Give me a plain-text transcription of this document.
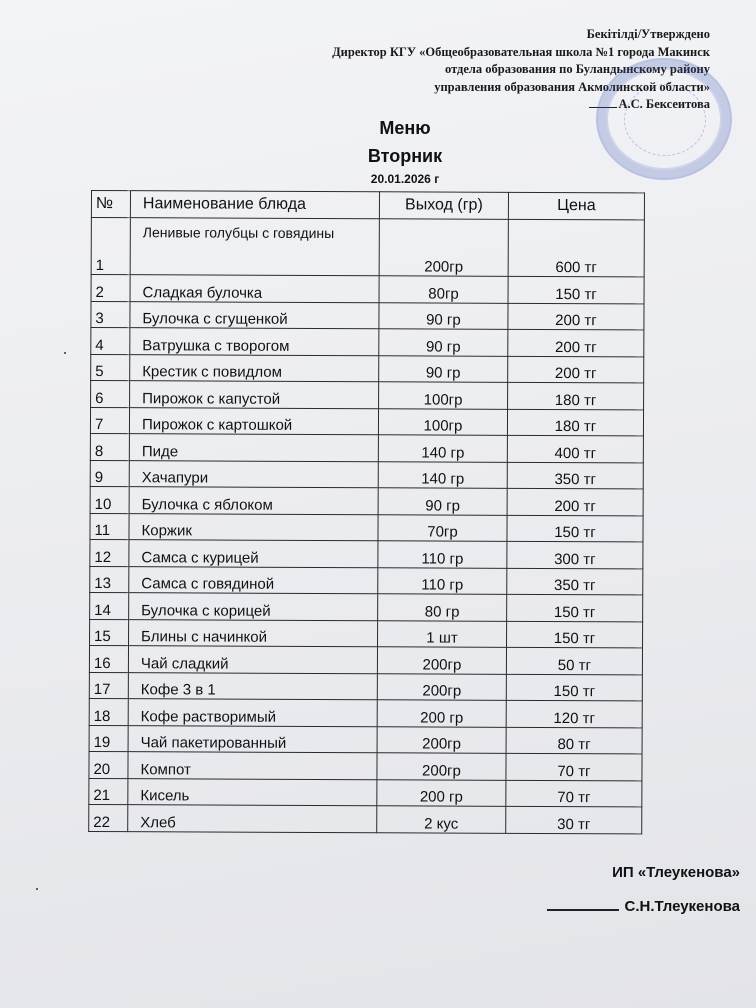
Бекітілді/Утверждено
Директор КГУ «Общеобразовательная школа №1 города Макинск
отдела образования по Буландынскому району
управления образования Акмолинской области»
А.С. Бексеитова
Меню
Вторник
20.01.2026 г
№	Наименование блюда	Выход (гр)	Цена
1	Ленивые голубцы с говядины	200гр	600 тг
2	Сладкая булочка	80гр	150 тг
3	Булочка с сгущенкой	90 гр	200 тг
4	Ватрушка с творогом	90 гр	200 тг
5	Крестик с повидлом	90 гр	200 тг
6	Пирожок с капустой	100гр	180 тг
7	Пирожок с картошкой	100гр	180 тг
8	Пиде	140 гр	400 тг
9	Хачапури	140 гр	350 тг
10	Булочка с яблоком	90 гр	200 тг
11	Коржик	70гр	150 тг
12	Самса с курицей	110 гр	300 тг
13	Самса с говядиной	110 гр	350 тг
14	Булочка с корицей	80 гр	150 тг
15	Блины с начинкой	1 шт	150 тг
16	Чай сладкий	200гр	50 тг
17	Кофе 3 в 1	200гр	150 тг
18	Кофе растворимый	200 гр	120 тг
19	Чай пакетированный	200гр	80 тг
20	Компот	200гр	70 тг
21	Кисель	200 гр	70 тг
22	Хлеб	2 кус	30 тг
ИП «Тлеукенова»
С.Н.Тлеукенова
